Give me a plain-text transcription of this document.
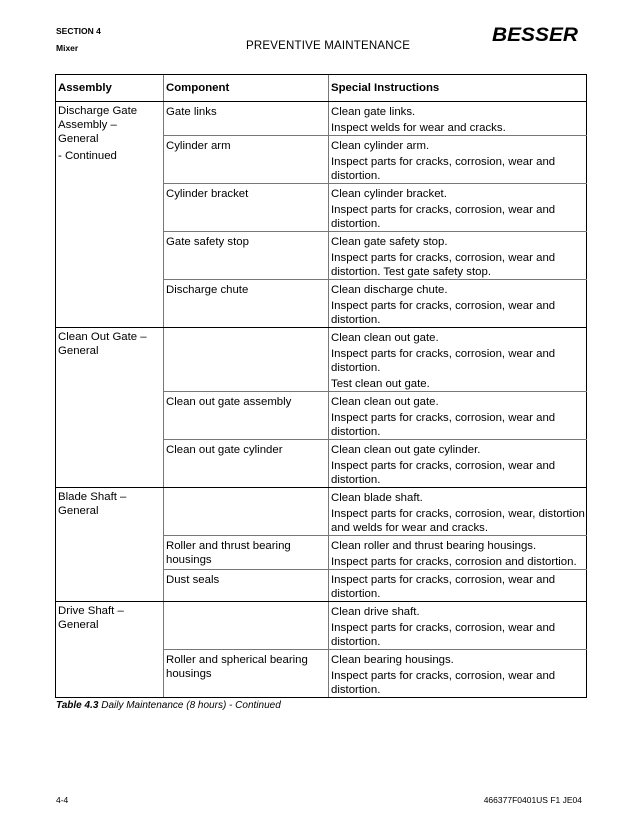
SECTION 4
Mixer	PREVENTIVE MAINTENANCE	BESSER
Assembly	Component	Special Instructions

Discharge Gate
Assembly –
General
- Continued	Gate links	Clean gate links.
Inspect welds for wear and cracks.

	Cylinder arm	Clean cylinder arm.
Inspect parts for cracks, corrosion, wear and distortion.

	Cylinder bracket	Clean cylinder bracket.
Inspect parts for cracks, corrosion, wear and distortion.

	Gate safety stop	Clean gate safety stop.
Inspect parts for cracks, corrosion, wear and distortion. Test gate safety stop.

	Discharge chute	Clean discharge chute.
Inspect parts for cracks, corrosion, wear and distortion.

Clean Out Gate –
General		Clean clean out gate.
Inspect parts for cracks, corrosion, wear and distortion.
Test clean out gate.

	Clean out gate assembly	Clean clean out gate.
Inspect parts for cracks, corrosion, wear and distortion.

	Clean out gate cylinder	Clean clean out gate cylinder.
Inspect parts for cracks, corrosion, wear and distortion.

Blade Shaft –
General		Clean blade shaft.
Inspect parts for cracks, corrosion, wear, distortion and welds for wear and cracks.

	Roller and thrust bearing housings	Clean roller and thrust bearing housings.
Inspect parts for cracks, corrosion and distortion.

	Dust seals	Inspect parts for cracks, corrosion, wear and distortion.

Drive Shaft –
General		Clean drive shaft.
Inspect parts for cracks, corrosion, wear and distortion.

	Roller and spherical bearing housings	Clean bearing housings.
Inspect parts for cracks, corrosion, wear and distortion.
Table 4.3 Daily Maintenance (8 hours) - Continued
4-4	466377F0401US F1 JE04
